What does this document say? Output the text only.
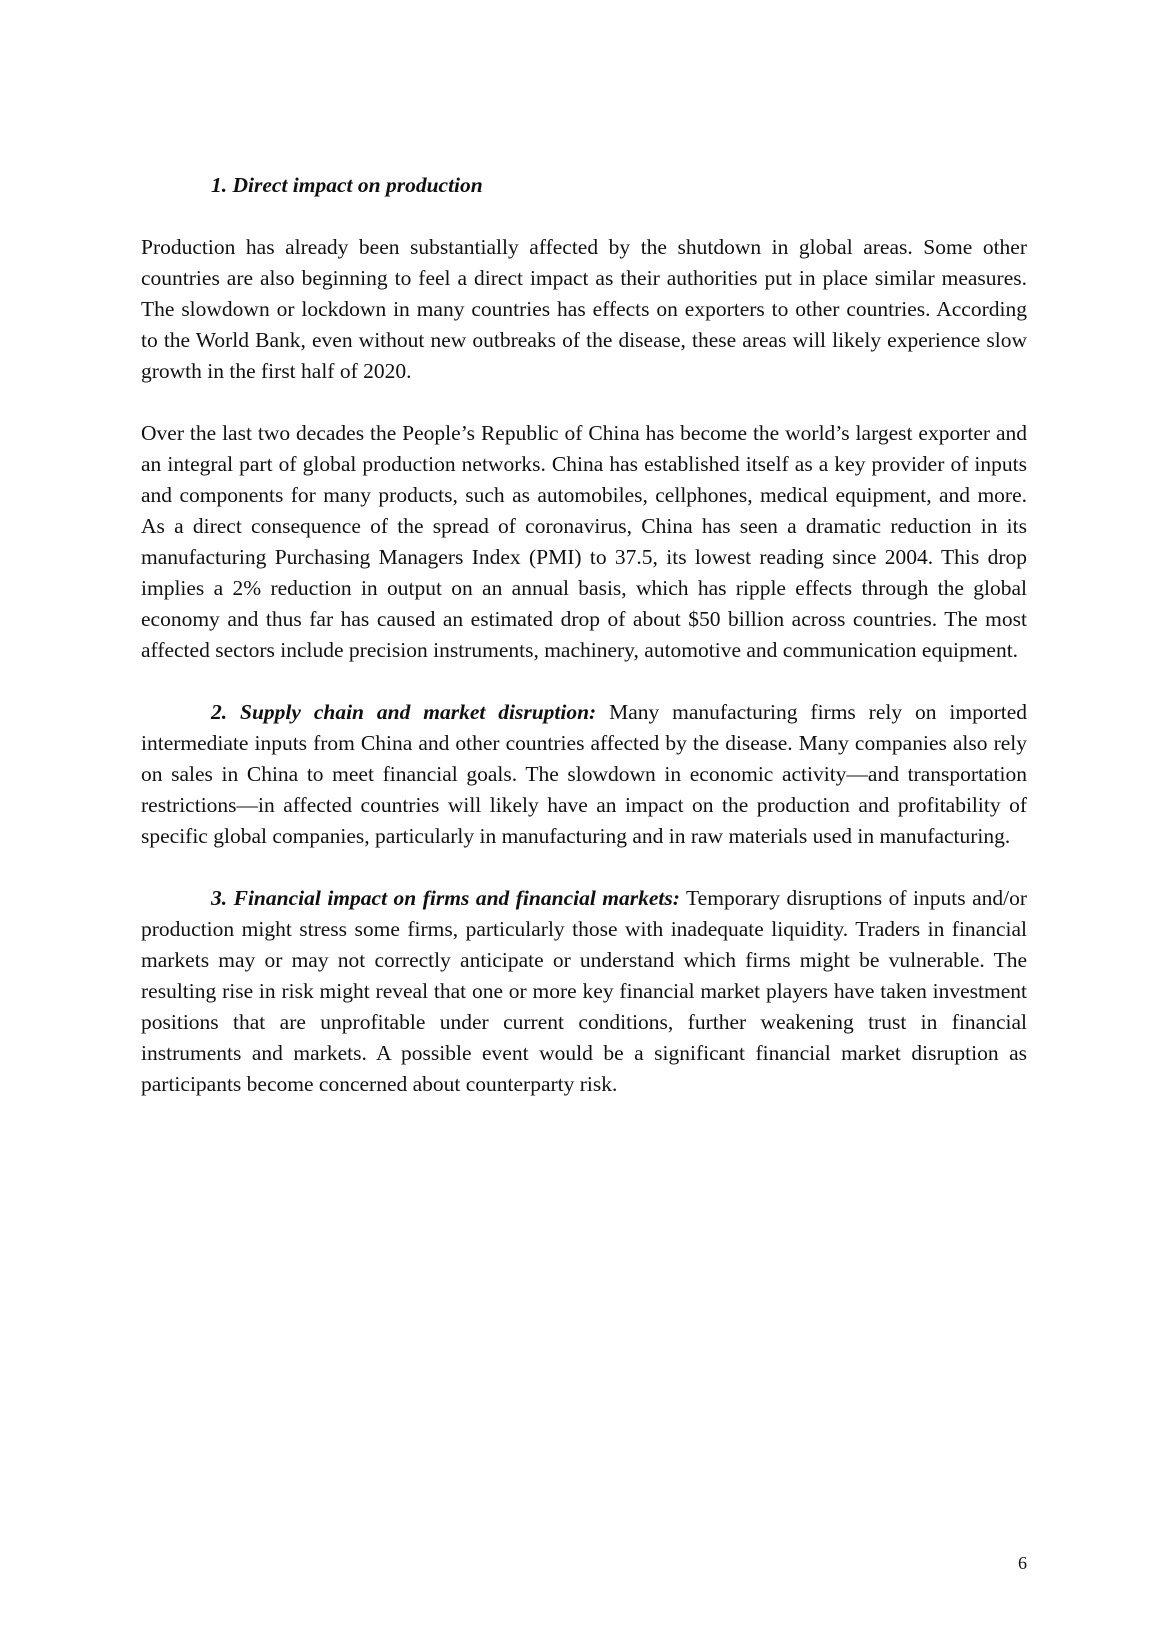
1. Direct impact on production

Production has already been substantially affected by the shutdown in global areas. Some other countries are also beginning to feel a direct impact as their authorities put in place similar measures. The slowdown or lockdown in many countries has effects on exporters to other countries. According to the World Bank, even without new outbreaks of the disease, these areas will likely experience slow growth in the first half of 2020.

Over the last two decades the People’s Republic of China has become the world’s largest exporter and an integral part of global production networks. China has established itself as a key provider of inputs and components for many products, such as automobiles, cellphones, medical equipment, and more. As a direct consequence of the spread of coronavirus, China has seen a dramatic reduction in its manufacturing Purchasing Managers Index (PMI) to 37.5, its lowest reading since 2004. This drop implies a 2% reduction in output on an annual basis, which has ripple effects through the global economy and thus far has caused an estimated drop of about $50 billion across countries. The most affected sectors include precision instruments, machinery, automotive and communication equipment.

2. Supply chain and market disruption: Many manufacturing firms rely on imported intermediate inputs from China and other countries affected by the disease. Many companies also rely on sales in China to meet financial goals. The slowdown in economic activity—and transportation restrictions—in affected countries will likely have an impact on the production and profitability of specific global companies, particularly in manufacturing and in raw materials used in manufacturing.

3. Financial impact on firms and financial markets: Temporary disruptions of inputs and/or production might stress some firms, particularly those with inadequate liquidity. Traders in financial markets may or may not correctly anticipate or understand which firms might be vulnerable. The resulting rise in risk might reveal that one or more key financial market players have taken investment positions that are unprofitable under current conditions, further weakening trust in financial instruments and markets. A possible event would be a significant financial market disruption as participants become concerned about counterparty risk.

6
